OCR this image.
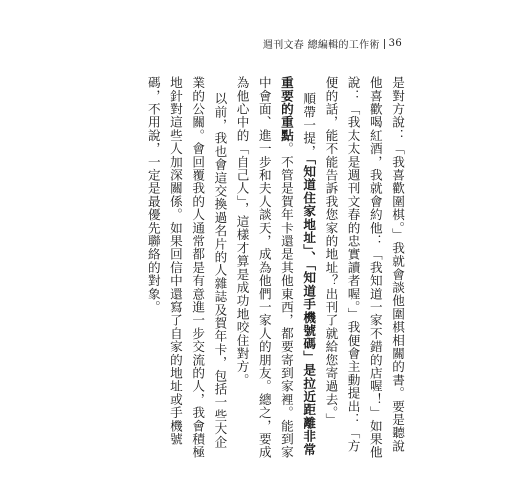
週刊文春 總編輯的工作術 36

是對方說：「我喜歡圍棋。」我就會談他圍棋相關的書。要是聽說他喜歡喝紅酒，我就會約他：「我知道一家不錯的店喔！」如果他說：「我太太是週刊文春的忠實讀者喔。」我便會主動提出：「方便的話，能不能告訴我您家的地址？出刊了就給您寄過去。」

順帶一提，「知道住家地址」、「知道手機號碼」是拉近距離非常重要的重點。不管是賀年卡還是其他東西，都要寄到家裡。能到家中會面、進一步和夫人談天，成為他們一家人的朋友。總之，要成為他心中的「自己人」，這樣才算是成功地咬住對方。

以前，我也會這交換過名片的人雜誌及賀年卡，包括一些大企業的公關。會回覆我的人通常都是有意進一步交流的人，我會積極地針對這些人加深關係。如果回信中還寫了自家的地址或手機號碼，不用說，一定是最優先聯絡的對象。
